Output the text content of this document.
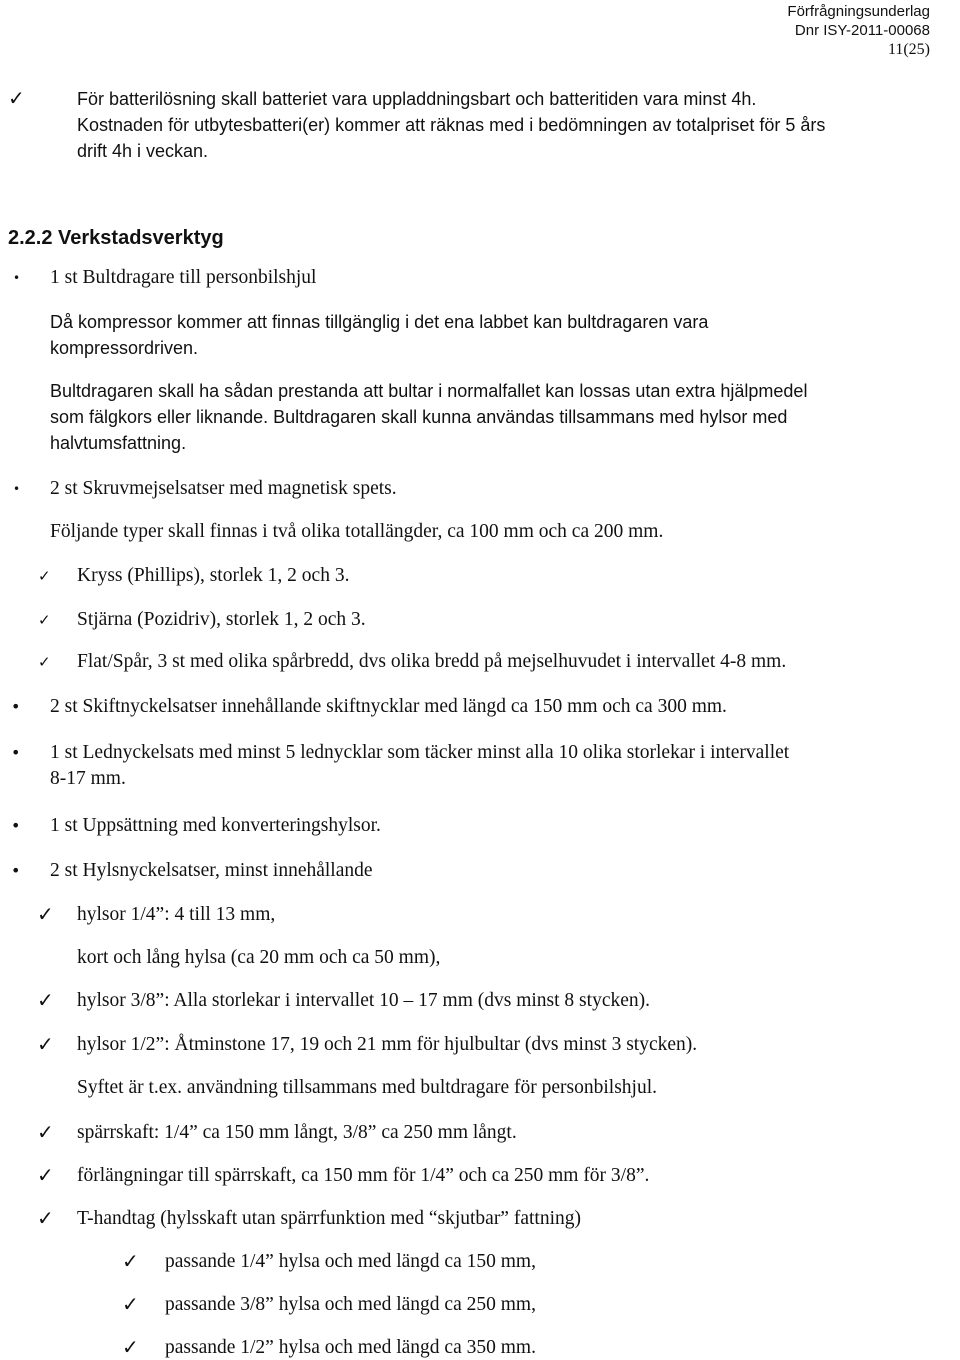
Förfrågningsunderlag
Dnr ISY-2011-00068
11(25)
✓	För batterilösning skall batteriet vara uppladdningsbart och batteritiden vara minst 4h.
Kostnaden för utbytesbatteri(er) kommer att räknas med i bedömningen av totalpriset för 5 års
drift 4h i veckan.
2.2.2 Verkstadsverktyg
• 1 st Bultdragare till personbilshjul
Då kompressor kommer att finnas tillgänglig i det ena labbet kan bultdragaren vara
kompressordriven.
Bultdragaren skall ha sådan prestanda att bultar i normalfallet kan lossas utan extra hjälpmedel
som fälgkors eller liknande. Bultdragaren skall kunna användas tillsammans med hylsor med
halvtumsfattning.
• 2 st Skruvmejselsatser med magnetisk spets.
Följande typer skall finnas i två olika totallängder, ca 100 mm och ca 200 mm.
✓ Kryss (Phillips), storlek 1, 2 och 3.
✓ Stjärna (Pozidriv), storlek 1, 2 och 3.
✓ Flat/Spår, 3 st med olika spårbredd, dvs olika bredd på mejselhuvudet i intervallet 4-8 mm.
• 2 st Skiftnyckelsatser innehållande skiftnycklar med längd ca 150 mm och ca 300 mm.
• 1 st Lednyckelsats med minst 5 lednycklar som täcker minst alla 10 olika storlekar i intervallet
8-17 mm.
• 1 st Uppsättning med konverteringshylsor.
• 2 st Hylsnyckelsatser, minst innehållande
✓ hylsor 1/4”: 4 till 13 mm,
kort och lång hylsa (ca 20 mm och ca 50 mm),
✓ hylsor 3/8”: Alla storlekar i intervallet 10 – 17 mm (dvs minst 8 stycken).
✓ hylsor 1/2”: Åtminstone 17, 19 och 21 mm för hjulbultar (dvs minst 3 stycken).
Syftet är t.ex. användning tillsammans med bultdragare för personbilshjul.
✓ spärrskaft: 1/4” ca 150 mm långt, 3/8” ca 250 mm långt.
✓ förlängningar till spärrskaft, ca 150 mm för 1/4” och ca 250 mm för 3/8”.
✓ T-handtag (hylsskaft utan spärrfunktion med “skjutbar” fattning)
✓ passande 1/4” hylsa och med längd ca 150 mm,
✓ passande 3/8” hylsa och med längd ca 250 mm,
✓ passande 1/2” hylsa och med längd ca 350 mm.
